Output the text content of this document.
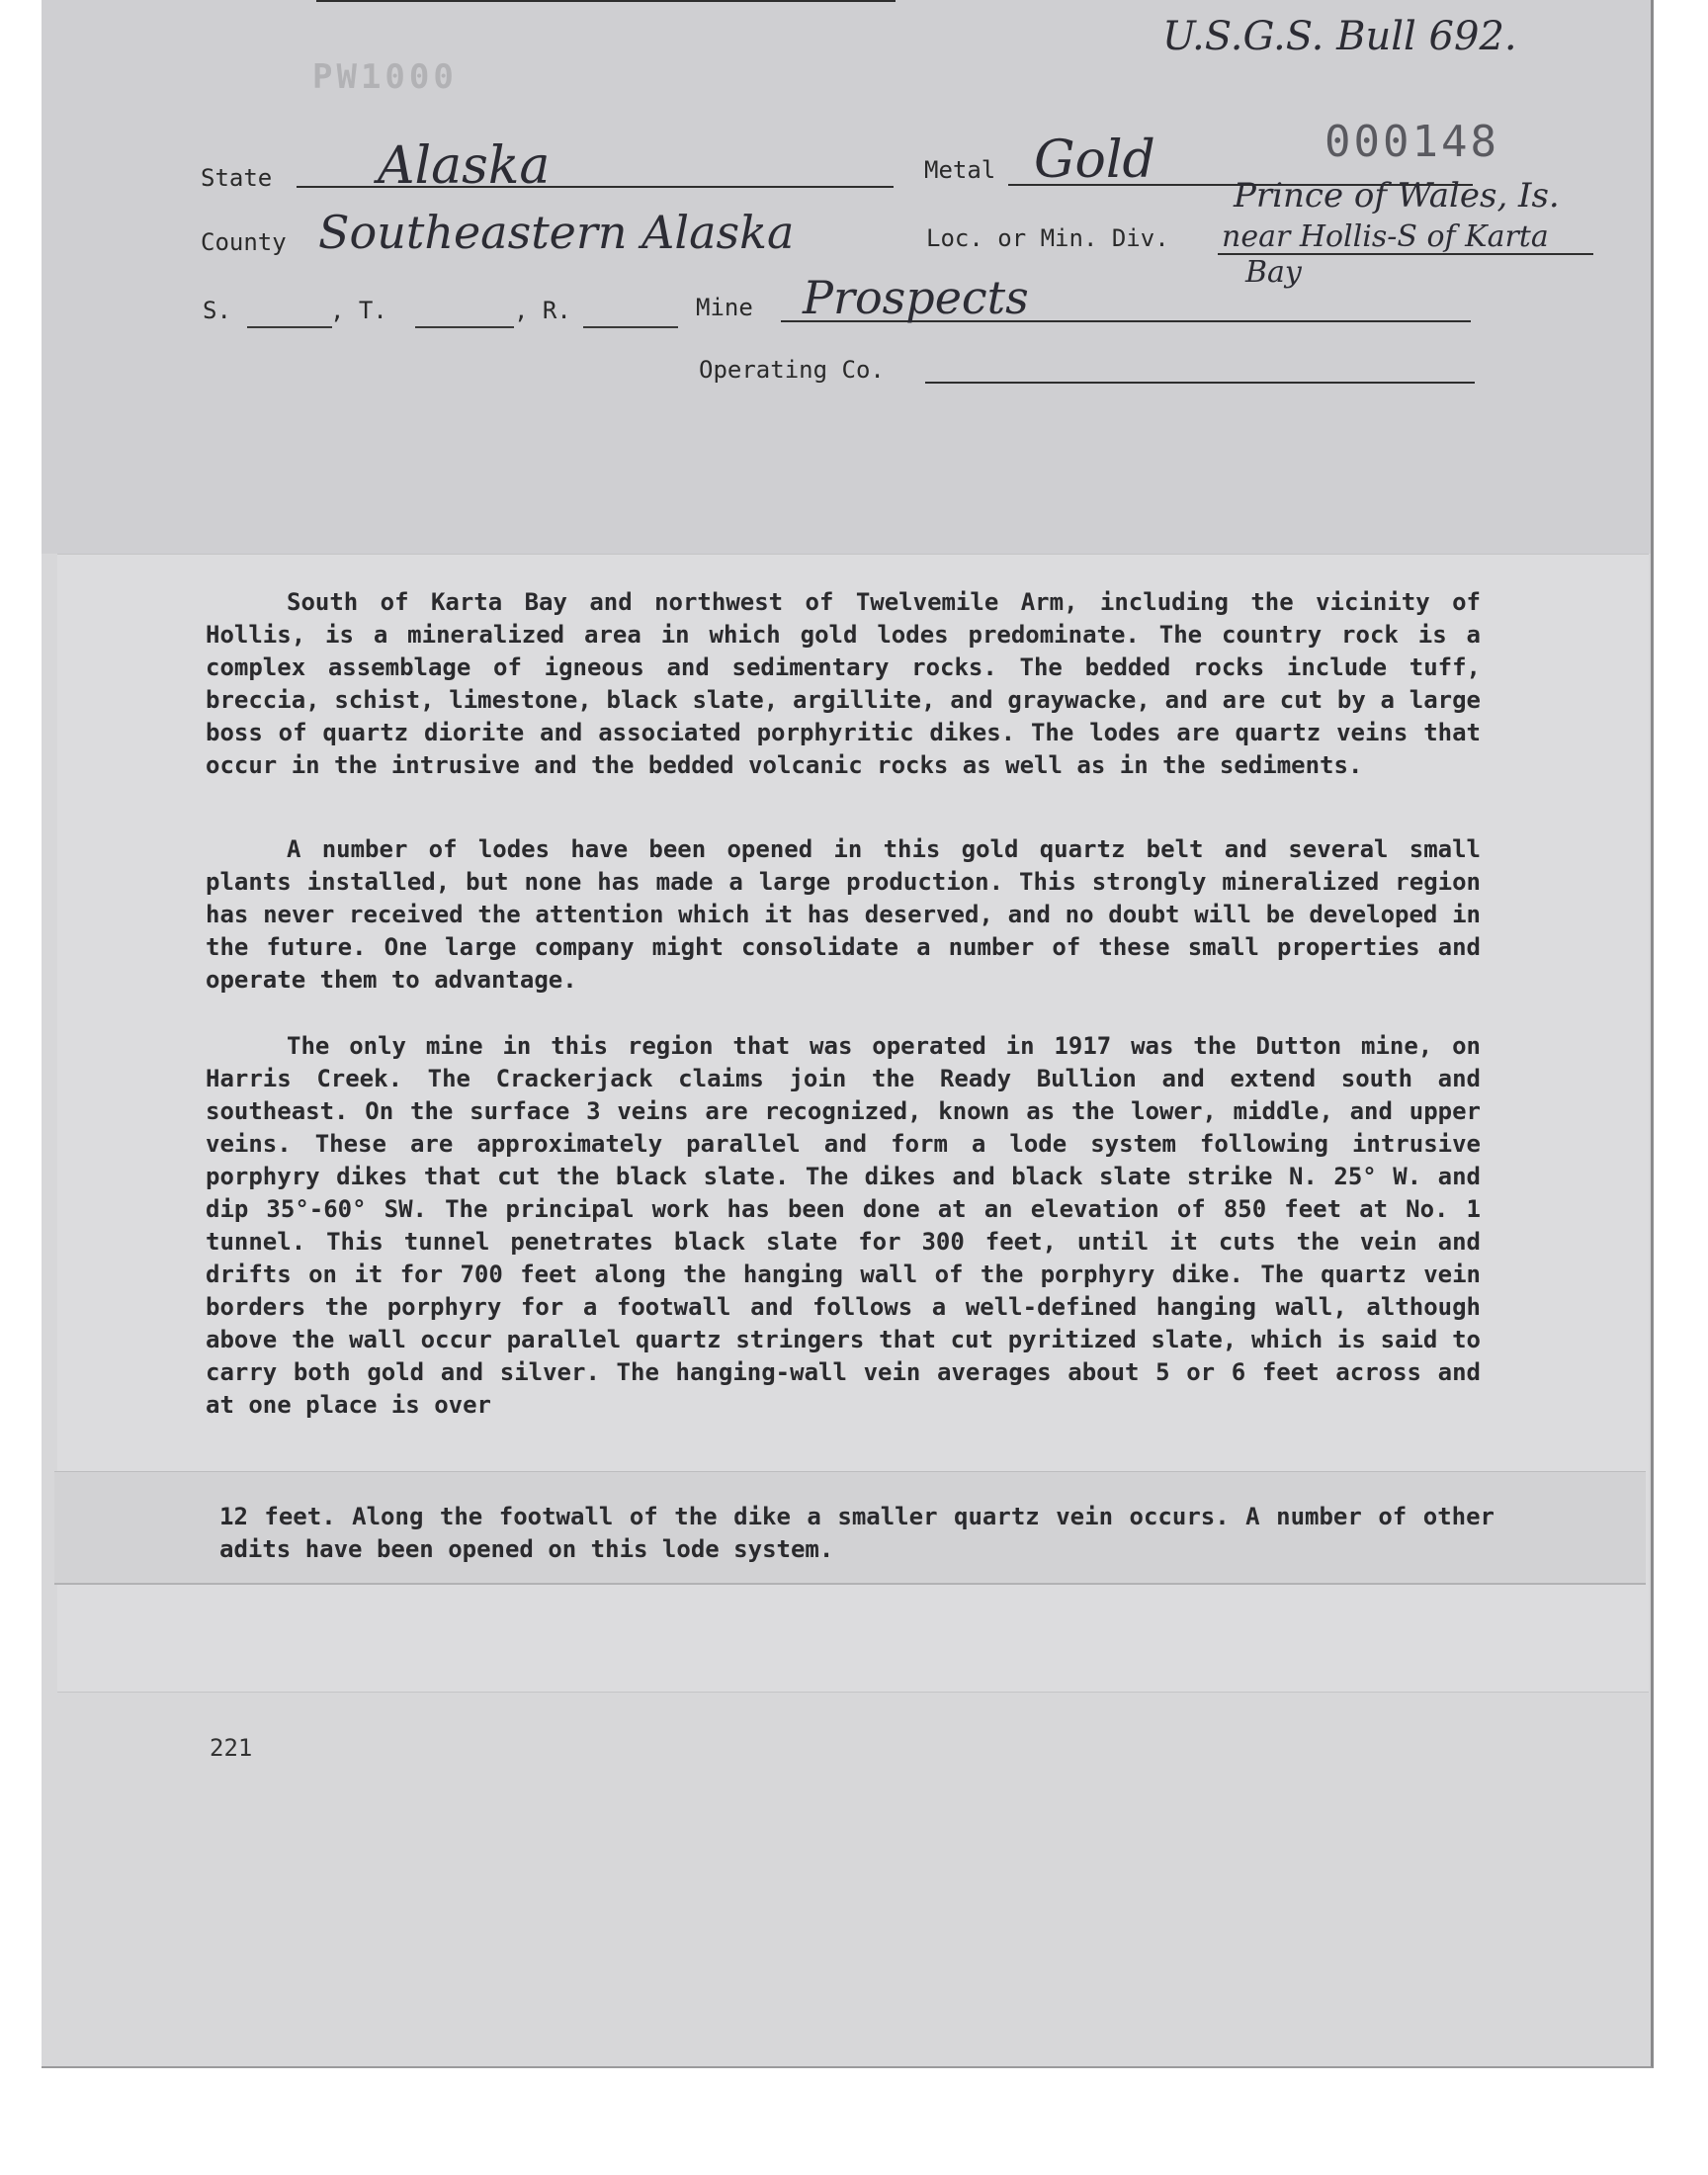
U.S.G.S. Bull 692.
PW1000
000148
State Alaska	Metal Gold
County Southeastern Alaska	Loc. or Min. Div.
Prince of Wales, Is.
near Hollis-S of Karta
Bay
S.	, T.	, R.	Mine Prospects
Operating Co.

South of Karta Bay and northwest of Twelvemile Arm, including the vicinity of Hollis, is a mineralized area in which gold lodes predominate. The country rock is a complex assemblage of igneous and sedimentary rocks. The bedded rocks include tuff, breccia, schist, limestone, black slate, argillite, and graywacke, and are cut by a large boss of quartz diorite and associated porphyritic dikes. The lodes are quartz veins that occur in the intrusive and the bedded volcanic rocks as well as in the sediments.

A number of lodes have been opened in this gold quartz belt and several small plants installed, but none has made a large production. This strongly mineralized region has never received the attention which it has deserved, and no doubt will be developed in the future. One large company might consolidate a number of these small properties and operate them to advantage.

The only mine in this region that was operated in 1917 was the Dutton mine, on Harris Creek. The Crackerjack claims join the Ready Bullion and extend south and southeast. On the surface 3 veins are recognized, known as the lower, middle, and upper veins. These are approximately parallel and form a lode system following intrusive porphyry dikes that cut the black slate. The dikes and black slate strike N. 25° W. and dip 35°-60° SW. The principal work has been done at an elevation of 850 feet at No. 1 tunnel. This tunnel penetrates black slate for 300 feet, until it cuts the vein and drifts on it for 700 feet along the hanging wall of the porphyry dike. The quartz vein borders the porphyry for a footwall and follows a well-defined hanging wall, although above the wall occur parallel quartz stringers that cut pyritized slate, which is said to carry both gold and silver. The hanging-wall vein averages about 5 or 6 feet across and at one place is over

12 feet. Along the footwall of the dike a smaller quartz vein occurs. A number of other adits have been opened on this lode system.

221
